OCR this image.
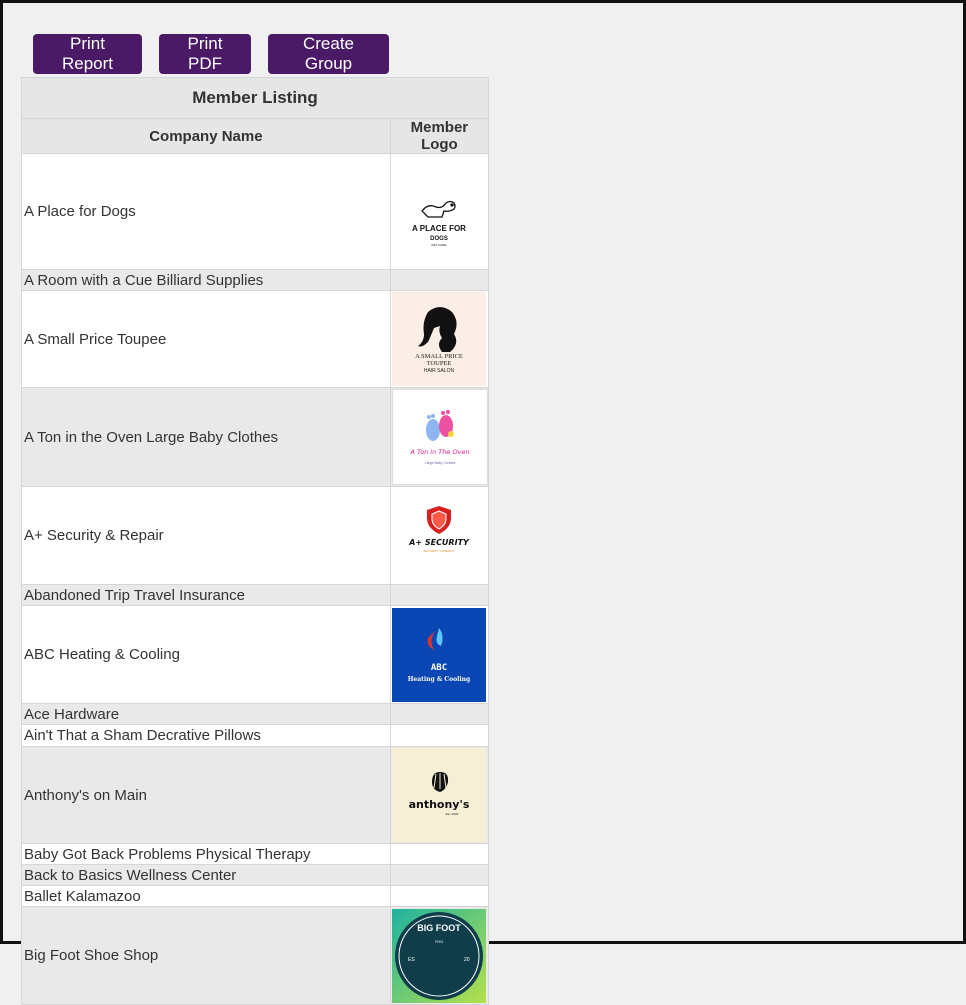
Print Report
Print PDF
Create Group
Member Listing	
Company Name	Member Logo
A Place for Dogs	A PLACE FOR
DOGS
PET CARE

A Room with a Cue Billiard Supplies	
A Small Price Toupee	A SMALL PRICE
TOUPEE
HAIR SALON

A Ton in the Oven Large Baby Clothes	A Ton in The Oven
Large Baby Clothes

A+ Security & Repair	A+ SECURITY
SECURITY COMPANY

Abandoned Trip Travel Insurance	
ABC Heating & Cooling	ABC
Heating & Cooling

Ace Hardware	
Ain't That a Sham Decrative Pillows	
Anthony's on Main	anthony's
Est. 2020

Baby Got Back Problems Physical Therapy	
Back to Basics Wellness Center	
Ballet Kalamazoo	
Big Foot Shoe Shop	BIG FOOT
THO
ES 20
